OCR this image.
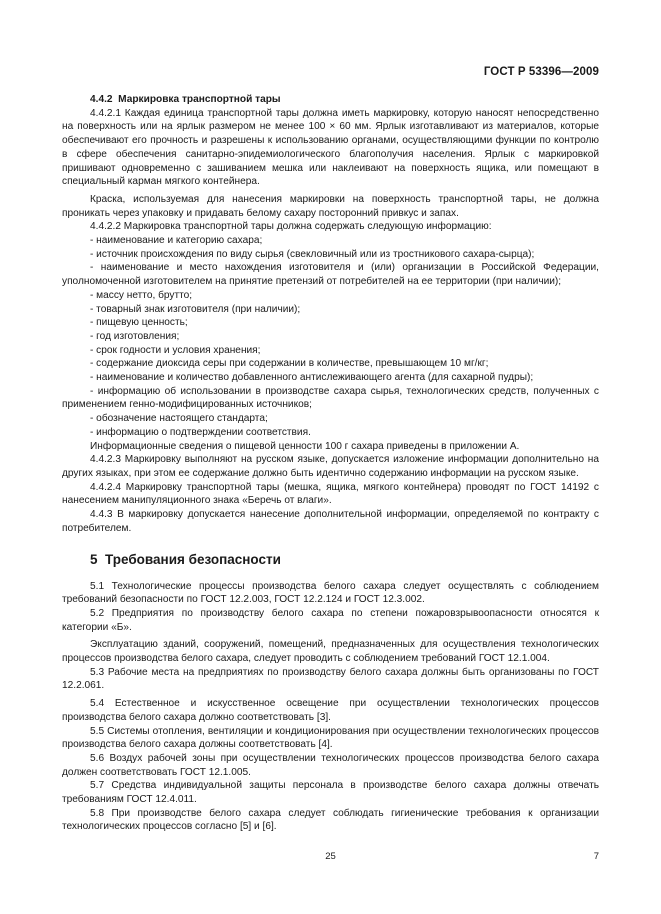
ГОСТ Р 53396—2009

4.4.2 Маркировка транспортной тары

4.4.2.1 Каждая единица транспортной тары должна иметь маркировку, которую наносят непосредственно на поверхность или на ярлык размером не менее 100 × 60 мм. Ярлык изготавливают из материалов, которые обеспечивают его прочность и разрешены к использованию органами, осуществляющими функции по контролю в сфере обеспечения санитарно-эпидемиологического благополучия населения. Ярлык с маркировкой пришивают одновременно с зашиванием мешка или наклеивают на поверхность ящика, или помещают в специальный карман мягкого контейнера.

Краска, используемая для нанесения маркировки на поверхность транспортной тары, не должна проникать через упаковку и придавать белому сахару посторонний привкус и запах.

4.4.2.2 Маркировка транспортной тары должна содержать следующую информацию:

- наименование и категорию сахара;

- источник происхождения по виду сырья (свекловичный или из тростникового сахара-сырца);

- наименование и место нахождения изготовителя и (или) организации в Российской Федерации, уполномоченной изготовителем на принятие претензий от потребителей на ее территории (при наличии);

- массу нетто, брутто;

- товарный знак изготовителя (при наличии);

- пищевую ценность;

- год изготовления;

- срок годности и условия хранения;

- содержание диоксида серы при содержании в количестве, превышающем 10 мг/кг;

- наименование и количество добавленного антислеживающего агента (для сахарной пудры);

- информацию об использовании в производстве сахара сырья, технологических средств, полученных с применением генно-модифицированных источников;

- обозначение настоящего стандарта;

- информацию о подтверждении соответствия.

Информационные сведения о пищевой ценности 100 г сахара приведены в приложении А.

4.4.2.3 Маркировку выполняют на русском языке, допускается изложение информации дополнительно на других языках, при этом ее содержание должно быть идентично содержанию информации на русском языке.

4.4.2.4 Маркировку транспортной тары (мешка, ящика, мягкого контейнера) проводят по ГОСТ 14192 с нанесением манипуляционного знака «Беречь от влаги».

4.4.3 В маркировку допускается нанесение дополнительной информации, определяемой по контракту с потребителем.

5 Требования безопасности

5.1 Технологические процессы производства белого сахара следует осуществлять с соблюдением требований безопасности по ГОСТ 12.2.003, ГОСТ 12.2.124 и ГОСТ 12.3.002.

5.2 Предприятия по производству белого сахара по степени пожаровзрывоопасности относятся к категории «Б».

Эксплуатацию зданий, сооружений, помещений, предназначенных для осуществления технологических процессов производства белого сахара, следует проводить с соблюдением требований ГОСТ 12.1.004.

5.3 Рабочие места на предприятиях по производству белого сахара должны быть организованы по ГОСТ 12.2.061.

5.4 Естественное и искусственное освещение при осуществлении технологических процессов производства белого сахара должно соответствовать [3].

5.5 Системы отопления, вентиляции и кондиционирования при осуществлении технологических процессов производства белого сахара должны соответствовать [4].

5.6 Воздух рабочей зоны при осуществлении технологических процессов производства белого сахара должен соответствовать ГОСТ 12.1.005.

5.7 Средства индивидуальной защиты персонала в производстве белого сахара должны отвечать требованиям ГОСТ 12.4.011.

5.8 При производстве белого сахара следует соблюдать гигиенические требования к организации технологических процессов согласно [5] и [6].

25	7
